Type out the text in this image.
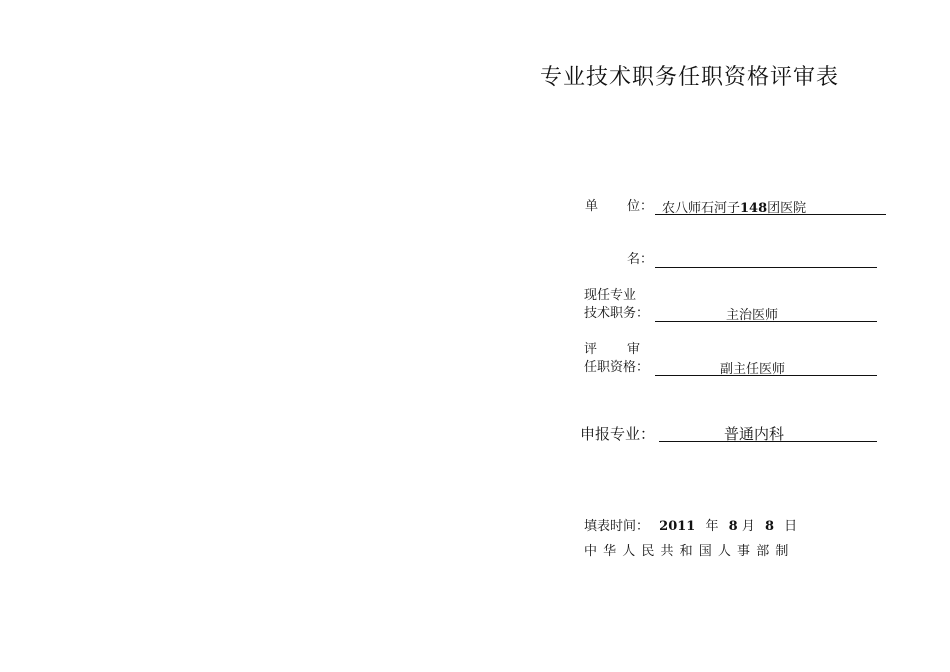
专业技术职务任职资格评审表
单 位： 农八师石河子148团医院
名：
现任专业
技术职务：	主治医师
评 审
任职资格：	副主任医师
申报专业：	普通内科
填表时间： 2011 年 8 月 8 日
中 华 人 民 共 和 国 人 事 部 制
